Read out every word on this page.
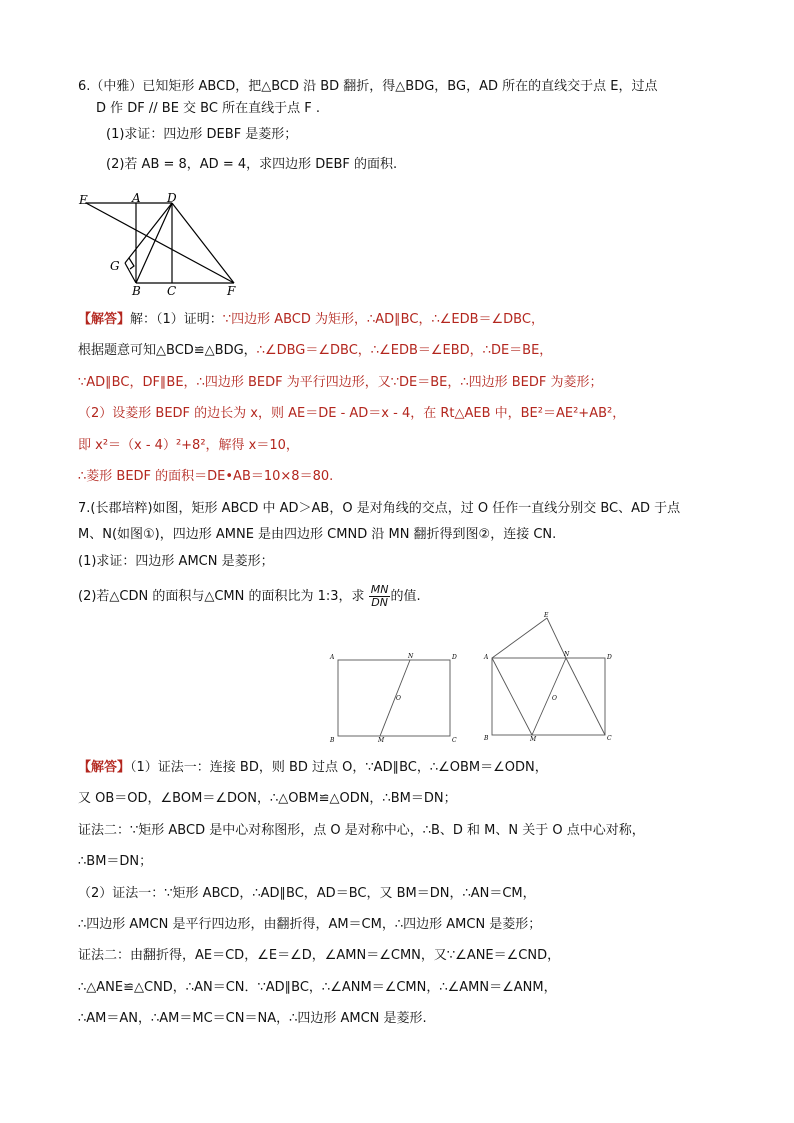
6.（中雅）已知矩形 ABCD，把△BCD 沿 BD 翻折，得△BDG，BG，AD 所在的直线交于点 E，过点
D 作 DF // BE 交 BC 所在直线于点 F .
(1)求证：四边形 DEBF 是菱形；
(2)若 AB = 8，AD = 4，求四边形 DEBF 的面积.
E	A D
G
B C	F
【解答】解：（1）证明：∵四边形 ABCD 为矩形，∴AD∥BC，∴∠EDB＝∠DBC，
根据题意可知△BCD≌△BDG，∴∠DBG＝∠DBC，∴∠EDB＝∠EBD，∴DE＝BE，
∵AD∥BC，DF∥BE，∴四边形 BEDF 为平行四边形，又∵DE＝BE，∴四边形 BEDF 为菱形；
（2）设菱形 BEDF 的边长为 x，则 AE＝DE - AD＝x - 4，在 Rt△AEB 中，BE²＝AE²+AB²，
即 x²＝（x - 4）²+8²，解得 x＝10，
∴菱形 BEDF 的面积＝DE•AB＝10×8＝80.
7.(长郡培粹)如图，矩形 ABCD 中 AD＞AB，O 是对角线的交点，过 O 任作一直线分别交 BC、AD 于点
M、N(如图①)，四边形 AMNE 是由四边形 CMND 沿 MN 翻折得到图②，连接 CN.
(1)求证：四边形 AMCN 是菱形；
(2)若△CDN 的面积与△CMN 的面积比为 1:3，求 $\frac{MN}{DN}$ 的值.
A	N	D
O
B	M	C
E
A	N	D
O
B	M	C
【解答】（1）证法一：连接 BD，则 BD 过点 O，∵AD∥BC，∴∠OBM＝∠ODN，
又 OB＝OD，∠BOM＝∠DON，∴△OBM≌△ODN，∴BM＝DN；
证法二：∵矩形 ABCD 是中心对称图形，点 O 是对称中心，∴B、D 和 M、N 关于 O 点中心对称，
∴BM＝DN；
（2）证法一：∵矩形 ABCD，∴AD∥BC，AD＝BC，又 BM＝DN，∴AN＝CM，
∴四边形 AMCN 是平行四边形，由翻折得，AM＝CM，∴四边形 AMCN 是菱形；
证法二：由翻折得，AE＝CD，∠E＝∠D，∠AMN＝∠CMN，又∵∠ANE＝∠CND，
∴△ANE≌△CND，∴AN＝CN．∵AD∥BC，∴∠ANM＝∠CMN，∴∠AMN＝∠ANM，
∴AM＝AN，∴AM＝MC＝CN＝NA，∴四边形 AMCN 是菱形.
